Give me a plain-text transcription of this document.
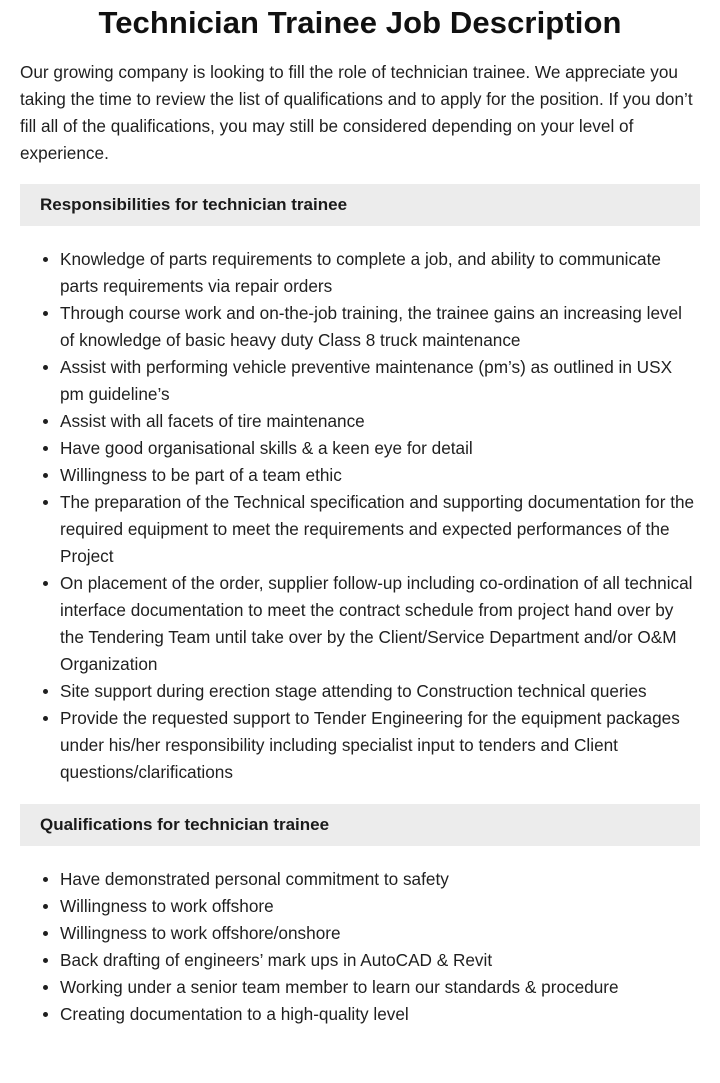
Technician Trainee Job Description

Our growing company is looking to fill the role of technician trainee. We appreciate you taking the time to review the list of qualifications and to apply for the position. If you don’t fill all of the qualifications, you may still be considered depending on your level of experience.

Responsibilities for technician trainee
Knowledge of parts requirements to complete a job, and ability to communicate parts requirements via repair orders
Through course work and on-the-job training, the trainee gains an increasing level of knowledge of basic heavy duty Class 8 truck maintenance
Assist with performing vehicle preventive maintenance (pm’s) as outlined in USX pm guideline’s
Assist with all facets of tire maintenance
Have good organisational skills & a keen eye for detail
Willingness to be part of a team ethic
The preparation of the Technical specification and supporting documentation for the required equipment to meet the requirements and expected performances of the Project
On placement of the order, supplier follow-up including co-ordination of all technical interface documentation to meet the contract schedule from project hand over by the Tendering Team until take over by the Client/Service Department and/or O&M Organization
Site support during erection stage attending to Construction technical queries
Provide the requested support to Tender Engineering for the equipment packages under his/her responsibility including specialist input to tenders and Client questions/clarifications
Qualifications for technician trainee
Have demonstrated personal commitment to safety
Willingness to work offshore
Willingness to work offshore/onshore
Back drafting of engineers’ mark ups in AutoCAD & Revit
Working under a senior team member to learn our standards & procedure
Creating documentation to a high-quality level
